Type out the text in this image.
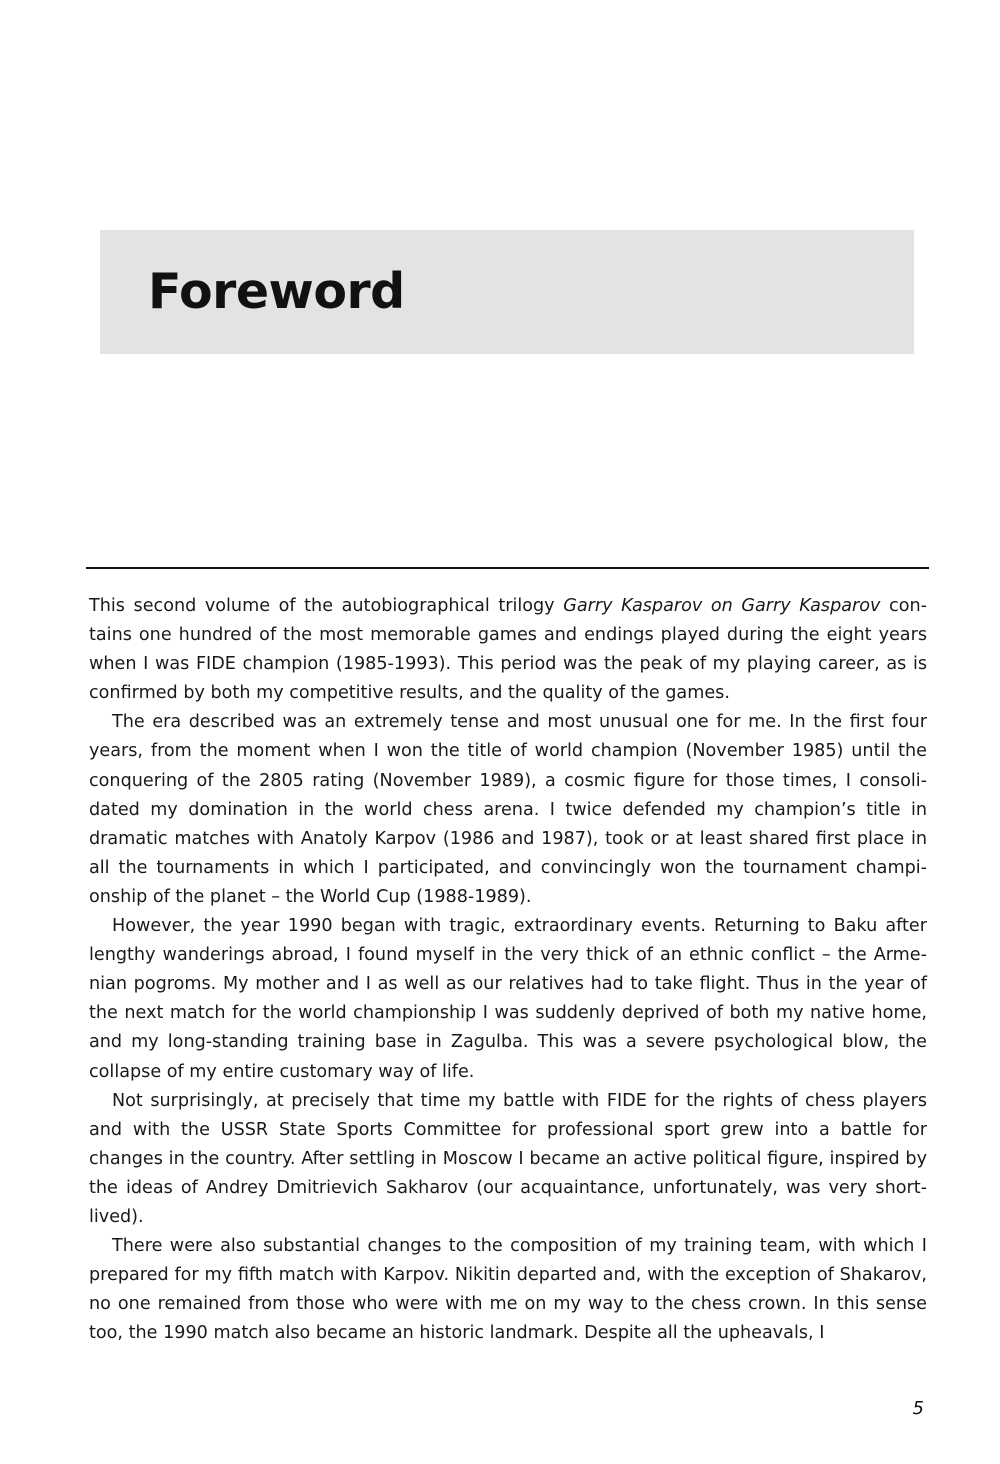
Foreword

This second volume of the autobiographical trilogy Garry Kasparov on Garry Kasparov contains one hundred of the most memorable games and endings played during the eight years when I was FIDE champion (1985-1993). This period was the peak of my playing career, as is confirmed by both my competitive results, and the quality of the games.

The era described was an extremely tense and most unusual one for me. In the first four years, from the moment when I won the title of world champion (November 1985) until the conquering of the 2805 rating (November 1989), a cosmic figure for those times, I consolidated my domination in the world chess arena. I twice defended my champion’s title in dramatic matches with Anatoly Karpov (1986 and 1987), took or at least shared first place in all the tournaments in which I participated, and convincingly won the tournament championship of the planet – the World Cup (1988-1989).

However, the year 1990 began with tragic, extraordinary events. Returning to Baku after lengthy wanderings abroad, I found myself in the very thick of an ethnic conflict – the Armenian pogroms. My mother and I as well as our relatives had to take flight. Thus in the year of the next match for the world championship I was suddenly deprived of both my native home, and my long-standing training base in Zagulba. This was a severe psychological blow, the collapse of my entire customary way of life.

Not surprisingly, at precisely that time my battle with FIDE for the rights of chess players and with the USSR State Sports Committee for professional sport grew into a battle for changes in the country. After settling in Moscow I became an active political figure, inspired by the ideas of Andrey Dmitrievich Sakharov (our acquaintance, unfortunately, was very short-lived).

There were also substantial changes to the composition of my training team, with which I prepared for my fifth match with Karpov. Nikitin departed and, with the exception of Shakarov, no one remained from those who were with me on my way to the chess crown. In this sense too, the 1990 match also became an historic landmark. Despite all the upheavals, I

5
